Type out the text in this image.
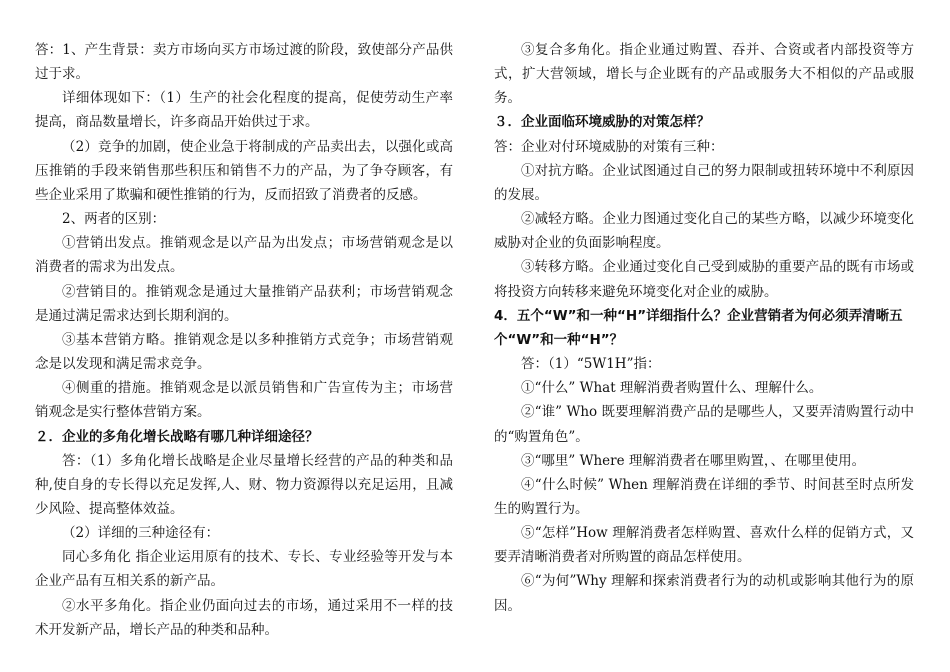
答：1、产生背景：卖方市场向买方市场过渡的阶段，致使部分产品供过于求。

详细体现如下：（1）生产的社会化程度的提高，促使劳动生产率提高，商品数量增长，许多商品开始供过于求。

（2）竞争的加剧，使企业急于将制成的产品卖出去，以强化或高压推销的手段来销售那些积压和销售不力的产品，为了争夺顾客，有些企业采用了欺骗和硬性推销的行为，反而招致了消费者的反感。

2、两者的区别：

①营销出发点。推销观念是以产品为出发点；市场营销观念是以消费者的需求为出发点。

②营销目的。推销观念是通过大量推销产品获利；市场营销观念是通过满足需求达到长期利润的。

③基本营销方略。推销观念是以多种推销方式竞争；市场营销观念是以发现和满足需求竞争。

④侧重的措施。推销观念是以派员销售和广告宣传为主；市场营销观念是实行整体营销方案。

２．企业的多角化增长战略有哪几种详细途径？

答：（1）多角化增长战略是企业尽量增长经营的产品的种类和品种,使自身的专长得以充足发挥,人、财、物力资源得以充足运用，且减少风险、提高整体效益。

（2）详细的三种途径有：

同心多角化 指企业运用原有的技术、专长、专业经验等开发与本企业产品有互相关系的新产品。

②水平多角化。指企业仍面向过去的市场，通过采用不一样的技术开发新产品，增长产品的种类和品种。

③复合多角化。指企业通过购置、吞并、合资或者内部投资等方式，扩大营领域，增长与企业既有的产品或服务大不相似的产品或服务。

３．企业面临环境威胁的对策怎样？

答：企业对付环境威胁的对策有三种：

①对抗方略。企业试图通过自己的努力限制或扭转环境中不利原因的发展。

②减轻方略。企业力图通过变化自己的某些方略，以减少环境变化威胁对企业的负面影响程度。

③转移方略。企业通过变化自己受到威胁的重要产品的既有市场或将投资方向转移来避免环境变化对企业的威胁。

4．五个“W”和一种“H”详细指什么？企业营销者为何必须弄清晰五个“W”和一种“H”？

答：（1）“5W1H”指：

①“什么” What 理解消费者购置什么、理解什么。

②“谁” Who 既要理解消费产品的是哪些人，又要弄清购置行动中的“购置角色”。

③“哪里” Where 理解消费者在哪里购置，、在哪里使用。

④“什么时候” When 理解消费在详细的季节、时间甚至时点所发生的购置行为。

⑤“怎样”How 理解消费者怎样购置、喜欢什么样的促销方式，又要弄清晰消费者对所购置的商品怎样使用。

⑥“为何”Why 理解和探索消费者行为的动机或影响其他行为的原因。
